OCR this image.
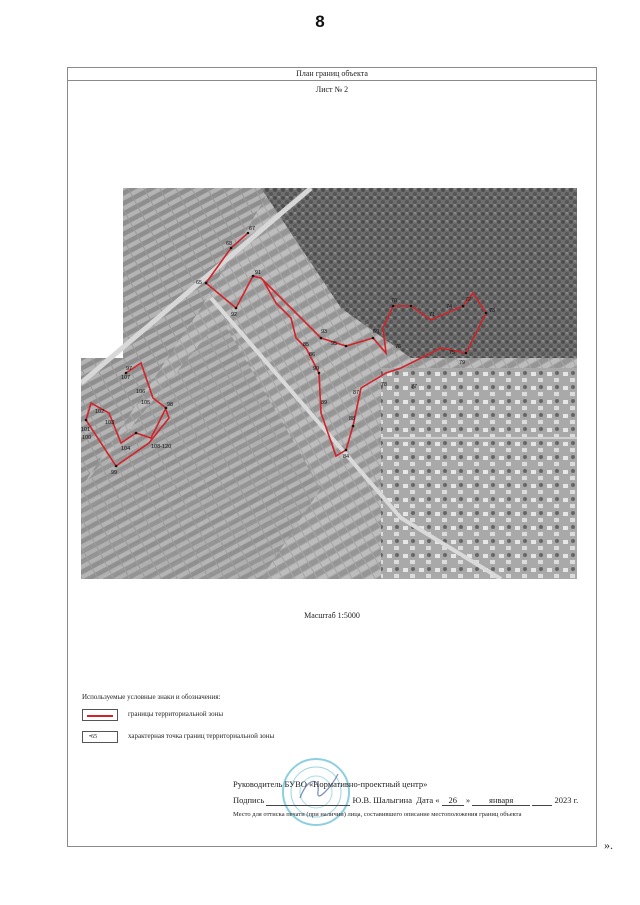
8
План границ объекта
Лист № 2
67
68
65
92
91
93
95
85
86
90
89
84
88
87
69
70
76
77
78
71
74
72
73
75
79
97
107
106
105	98
102
103
101
100
104	108-120
99
Масштаб 1:5000
Используемые условные знаки и обозначения:
границы территориальной зоны
•65	характерная точка границ территориальной зоны
Руководитель БУВО «Нормативно-проектный центр»
Подпись	Ю.В. Шалыгина Дата « 26 » января	2023 г.
Место для оттиска печати (при наличии) лица, составившего описание местоположения границ объекта
».
